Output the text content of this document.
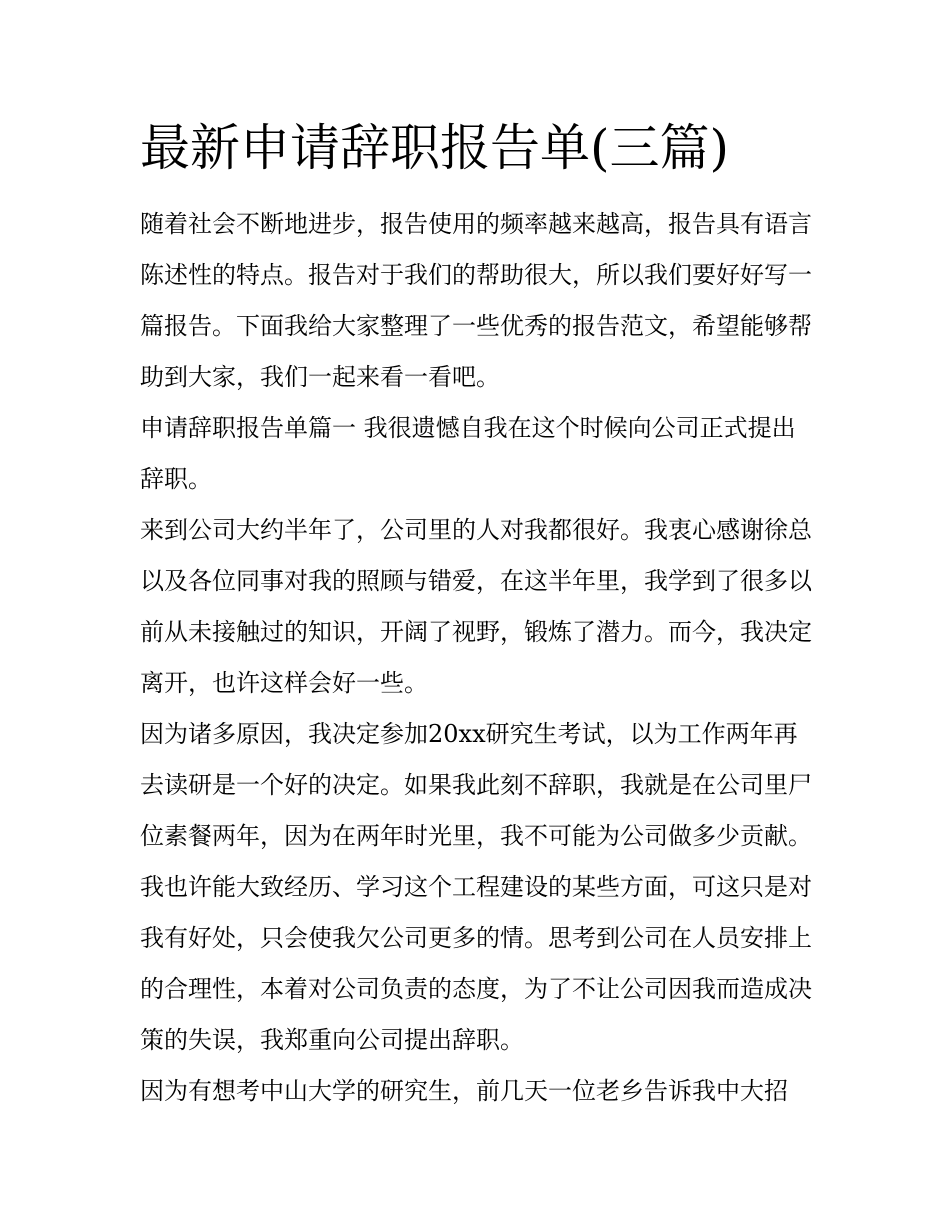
最新申请辞职报告单(三篇)

随着社会不断地进步，报告使用的频率越来越高，报告具有语言陈述性的特点。报告对于我们的帮助很大，所以我们要好好写一篇报告。下面我给大家整理了一些优秀的报告范文，希望能够帮助到大家，我们一起来看一看吧。

申请辞职报告单篇一 我很遗憾自我在这个时候向公司正式提出辞职。

来到公司大约半年了，公司里的人对我都很好。我衷心感谢徐总以及各位同事对我的照顾与错爱，在这半年里，我学到了很多以前从未接触过的知识，开阔了视野，锻炼了潜力。而今，我决定离开，也许这样会好一些。

因为诸多原因，我决定参加20xx研究生考试，以为工作两年再去读研是一个好的决定。如果我此刻不辞职，我就是在公司里尸位素餐两年，因为在两年时光里，我不可能为公司做多少贡献。我也许能大致经历、学习这个工程建设的某些方面，可这只是对我有好处，只会使我欠公司更多的情。思考到公司在人员安排上的合理性，本着对公司负责的态度，为了不让公司因我而造成决策的失误，我郑重向公司提出辞职。

因为有想考中山大学的研究生，前几天一位老乡告诉我中大招
